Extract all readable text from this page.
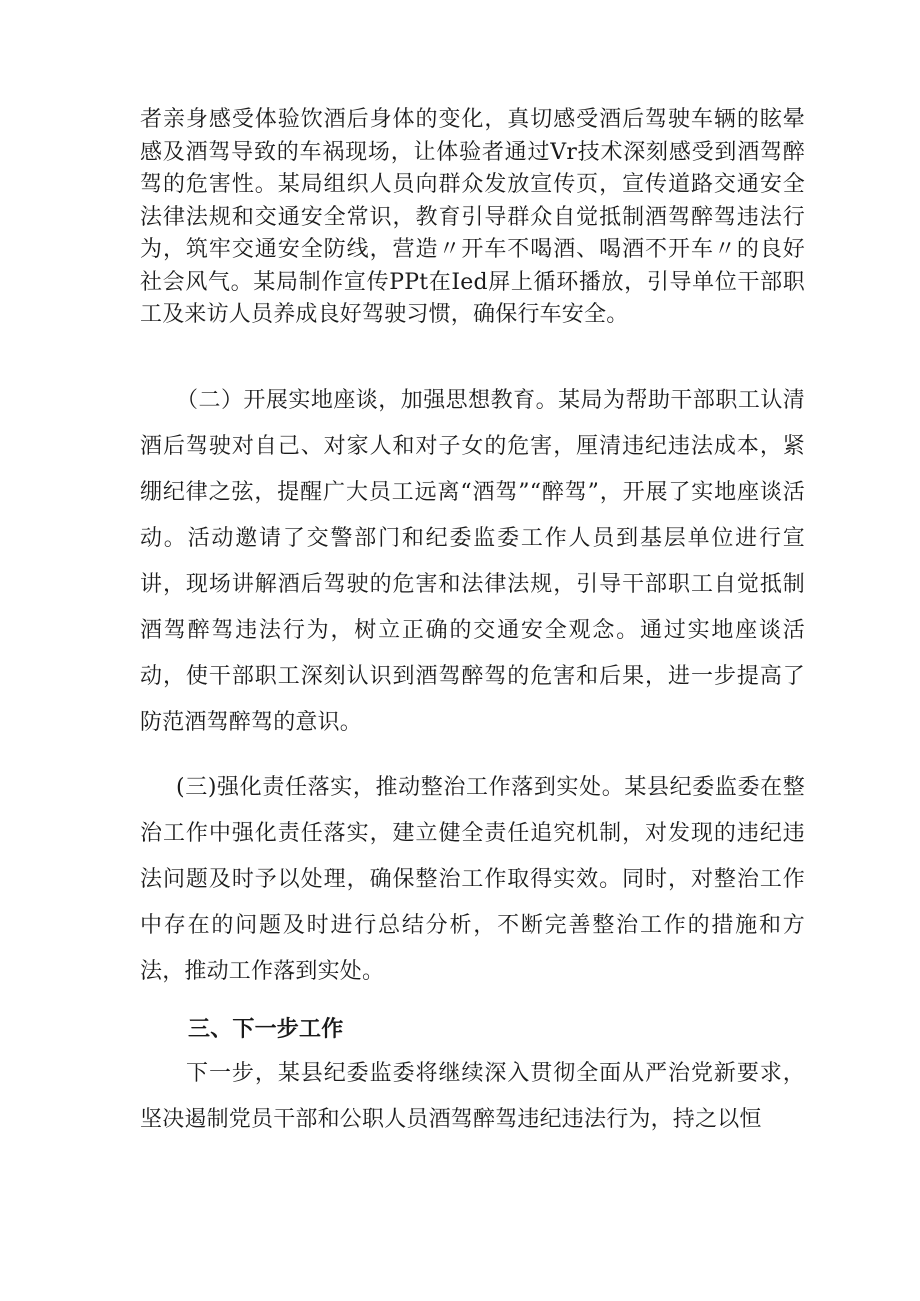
者亲身感受体验饮酒后身体的变化，真切感受酒后驾驶车辆的眩晕感及酒驾导致的车祸现场，让体验者通过Vr技术深刻感受到酒驾醉驾的危害性。某局组织人员向群众发放宣传页，宣传道路交通安全法律法规和交通安全常识，教育引导群众自觉抵制酒驾醉驾违法行为，筑牢交通安全防线，营造〃开车不喝酒、喝酒不开车〃的良好社会风气。某局制作宣传PPt在Ied屏上循环播放，引导单位干部职工及来访人员养成良好驾驶习惯，确保行车安全。

（二）开展实地座谈，加强思想教育。某局为帮助干部职工认清酒后驾驶对自己、对家人和对子女的危害，厘清违纪违法成本，紧绷纪律之弦，提醒广大员工远离“酒驾”“醉驾”，开展了实地座谈活动。活动邀请了交警部门和纪委监委工作人员到基层单位进行宣讲，现场讲解酒后驾驶的危害和法律法规，引导干部职工自觉抵制酒驾醉驾违法行为，树立正确的交通安全观念。通过实地座谈活动，使干部职工深刻认识到酒驾醉驾的危害和后果，进一步提高了防范酒驾醉驾的意识。

(三)强化责任落实，推动整治工作落到实处。某县纪委监委在整治工作中强化责任落实，建立健全责任追究机制，对发现的违纪违法问题及时予以处理，确保整治工作取得实效。同时，对整治工作中存在的问题及时进行总结分析，不断完善整治工作的措施和方法，推动工作落到实处。

三、下一步工作

下一步，某县纪委监委将继续深入贯彻全面从严治党新要求，坚决遏制党员干部和公职人员酒驾醉驾违纪违法行为，持之以恒
